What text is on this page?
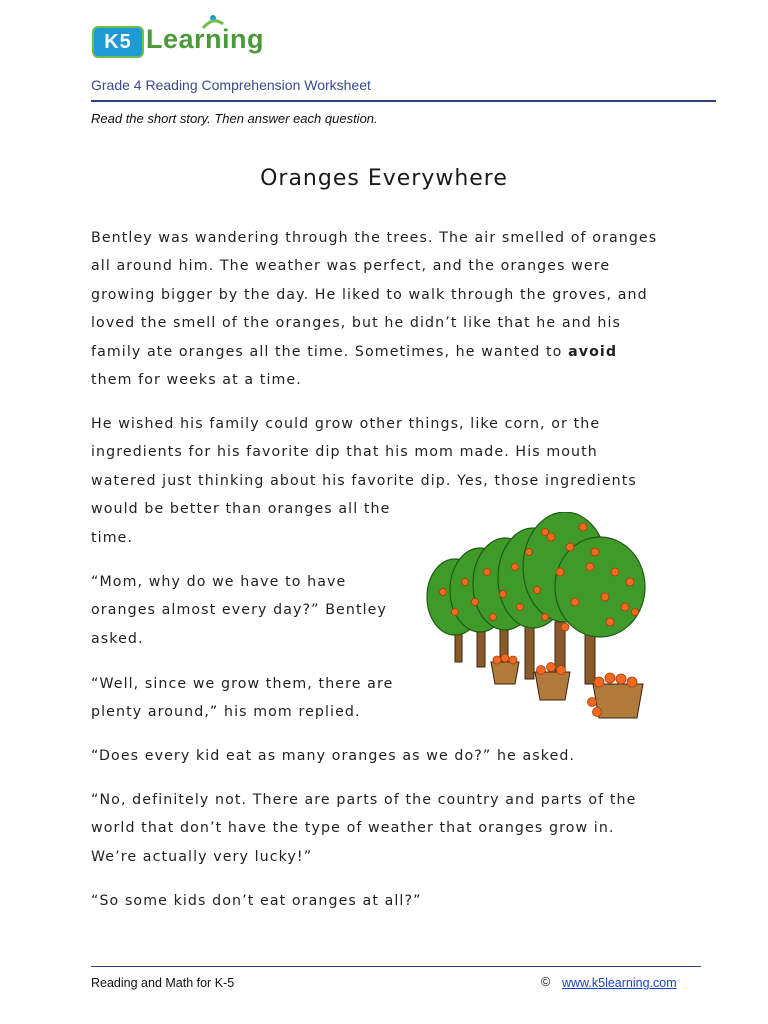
K5 Learning
Grade 4 Reading Comprehension Worksheet
Read the short story. Then answer each question.
Oranges Everywhere
Bentley was wandering through the trees. The air smelled of oranges
all around him. The weather was perfect, and the oranges were
growing bigger by the day. He liked to walk through the groves, and
loved the smell of the oranges, but he didn’t like that he and his
family ate oranges all the time. Sometimes, he wanted to avoid
them for weeks at a time.
He wished his family could grow other things, like corn, or the
ingredients for his favorite dip that his mom made. His mouth
watered just thinking about his favorite dip. Yes, those ingredients
would be better than oranges all the
time.
“Mom, why do we have to have
oranges almost every day?” Bentley
asked.
“Well, since we grow them, there are
plenty around,” his mom replied.
“Does every kid eat as many oranges as we do?” he asked.
“No, definitely not. There are parts of the country and parts of the
world that don’t have the type of weather that oranges grow in.
We’re actually very lucky!”
“So some kids don’t eat oranges at all?”
Reading and Math for K-5	© www.k5learning.com
